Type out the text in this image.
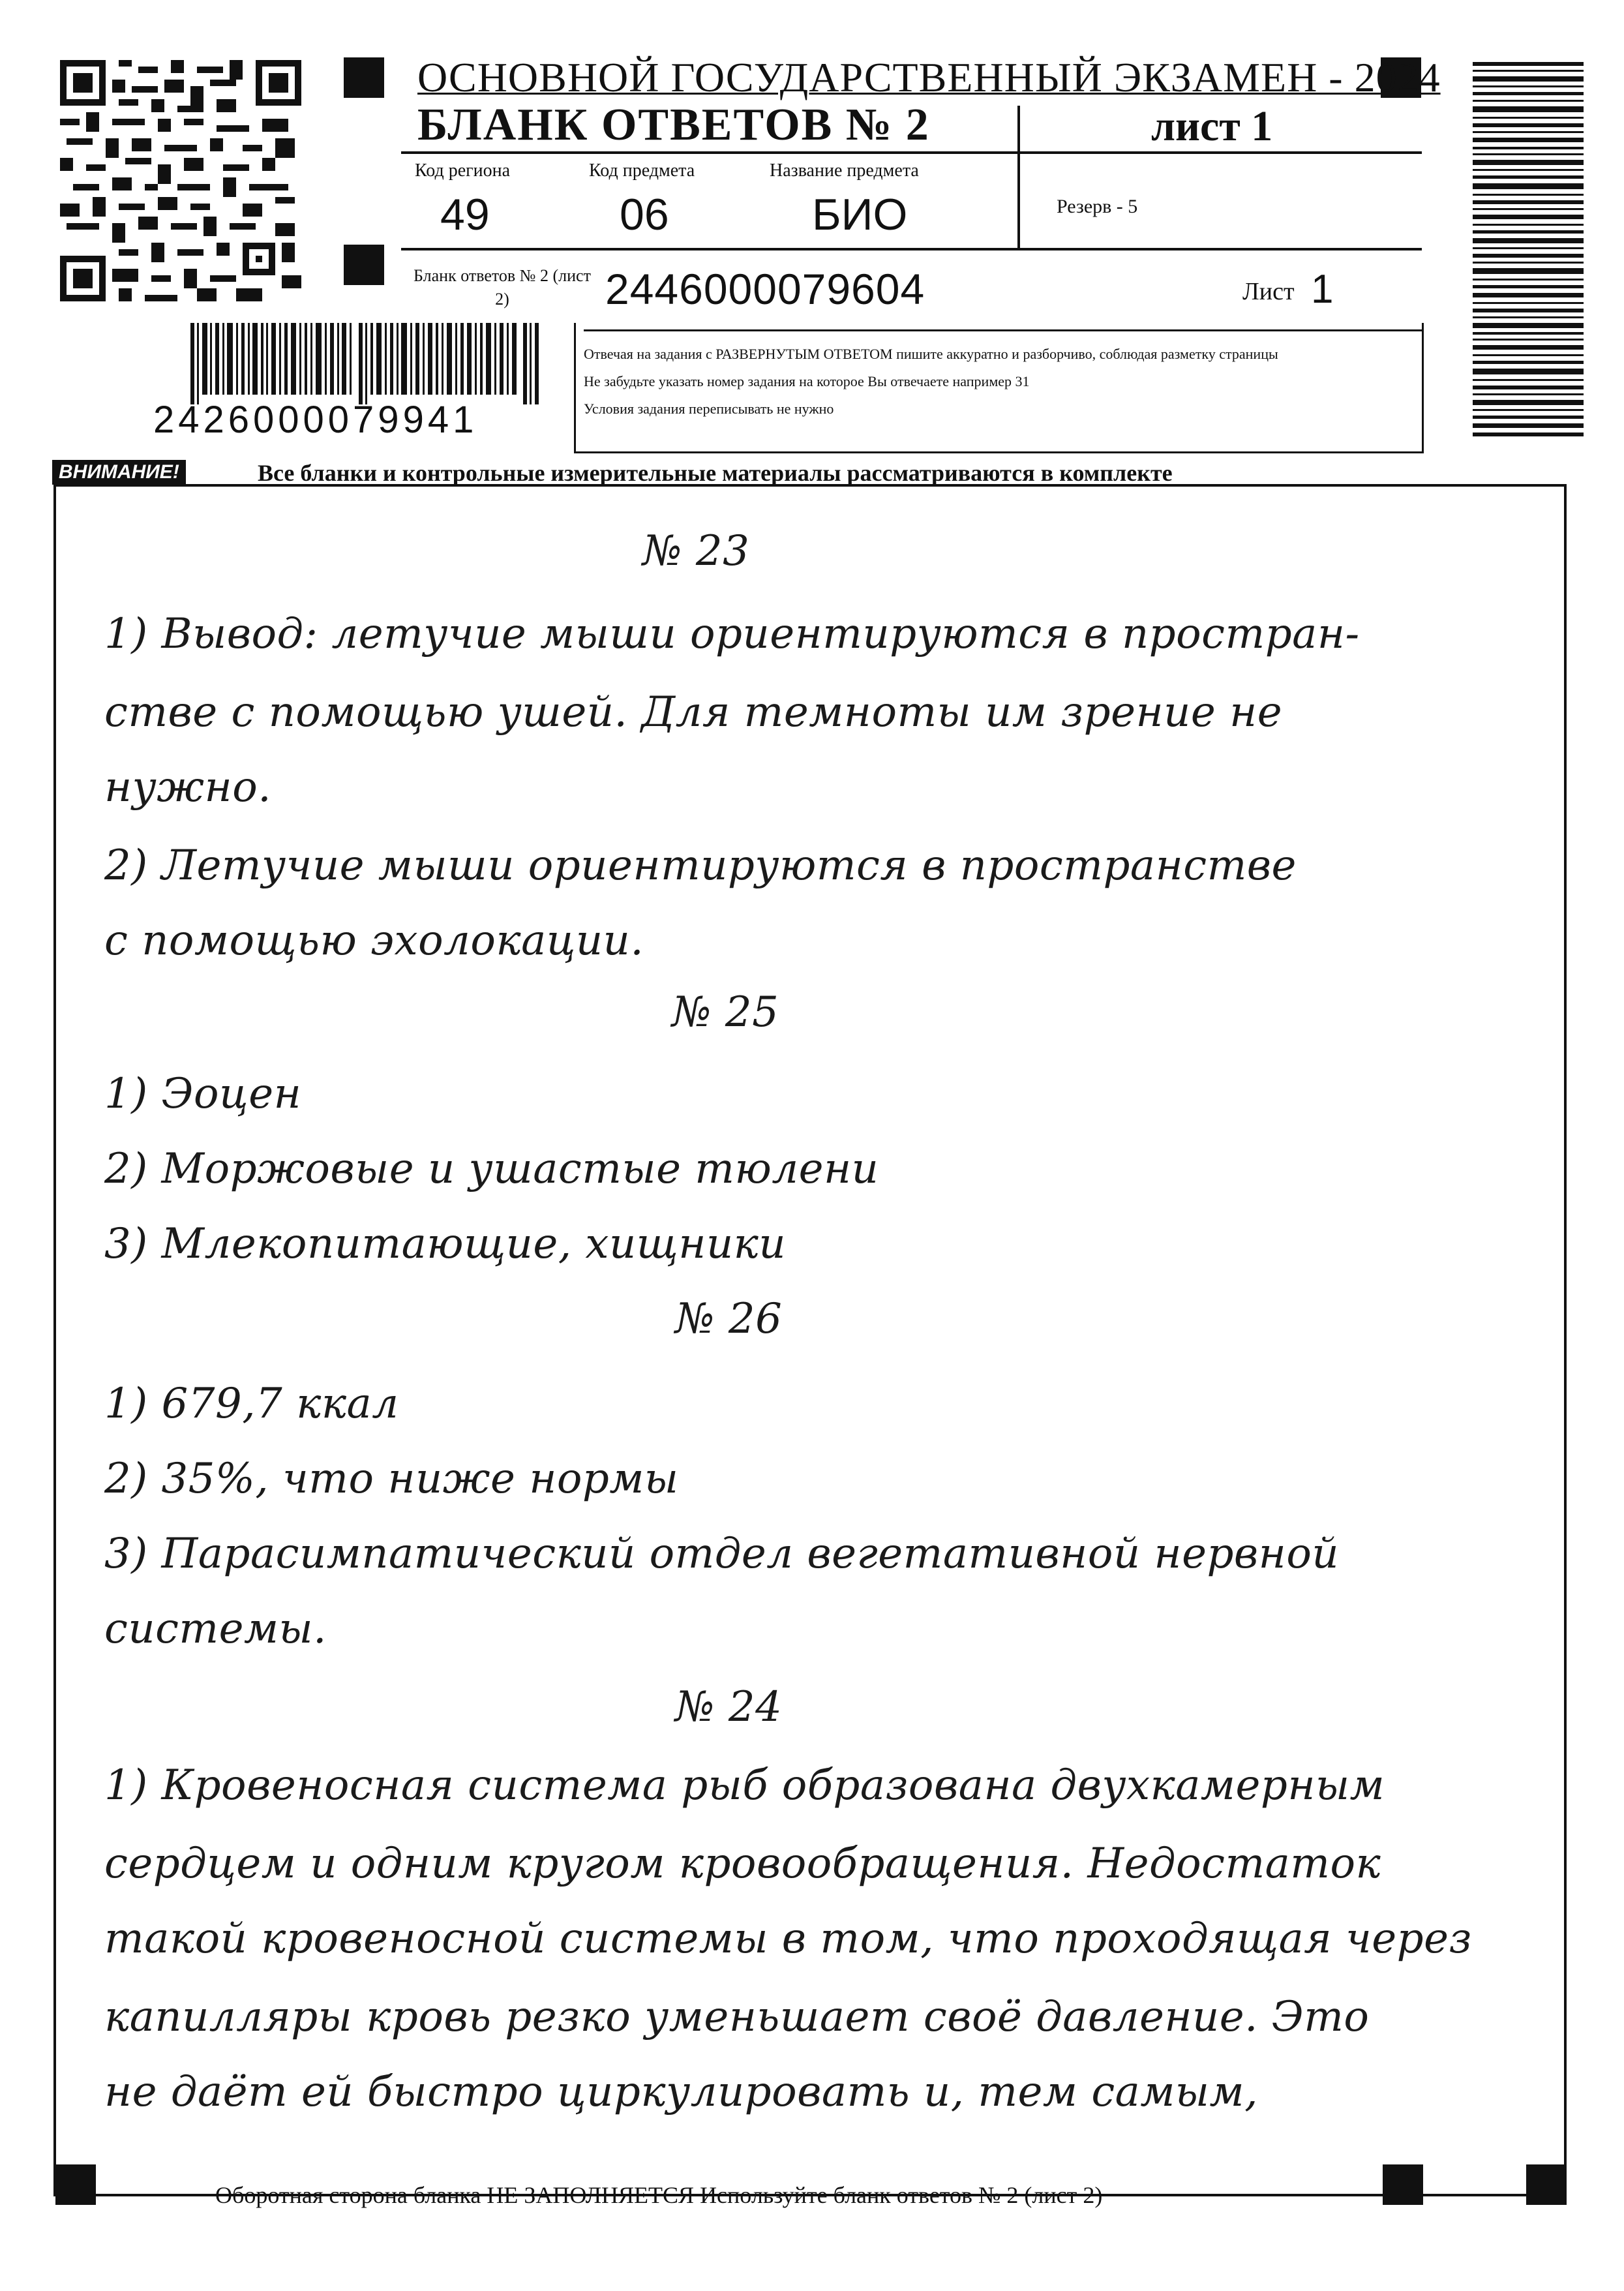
ОСНОВНОЙ ГОСУДАРСТВЕННЫЙ ЭКЗАМЕН - 2024
БЛАНК ОТВЕТОВ № 2	лист 1
Код региона
49
Код предмета
06
Название предмета
БИО	Резерв - 5
Бланк ответов № 2 (лист 2)	2446000079604	Лист 1
Отвечая на задания с РАЗВЕРНУТЫМ ОТВЕТОМ пишите аккуратно и разборчиво, соблюдая разметку страницы
Не забудьте указать номер задания на которое Вы отвечаете например 31
Условия задания переписывать не нужно
2426000079941
ВНИМАНИЕ!	Все бланки и контрольные измерительные материалы рассматриваются в комплекте
№ 23
1) Вывод: летучие мыши ориентируются в простран-
стве с помощью ушей. Для темноты им зрение не
нужно.
2) Летучие мыши ориентируются в пространстве
с помощью эхолокации.
№ 25
1) Эоцен
2) Моржовые и ушастые тюлени
3) Млекопитающие, хищники
№ 26
1) 679,7 ккал
2) 35%, что ниже нормы
3) Парасимпатический отдел вегетативной нервной
системы.
№ 24
1) Кровеносная система рыб образована двухкамерным
сердцем и одним кругом кровообращения. Недостаток
такой кровеносной системы в том, что проходящая через
капилляры кровь резко уменьшает своё давление. Это
не даёт ей быстро циркулировать и, тем самым,
Оборотная сторона бланка НЕ ЗАПОЛНЯЕТСЯ Используйте бланк ответов № 2 (лист 2)
